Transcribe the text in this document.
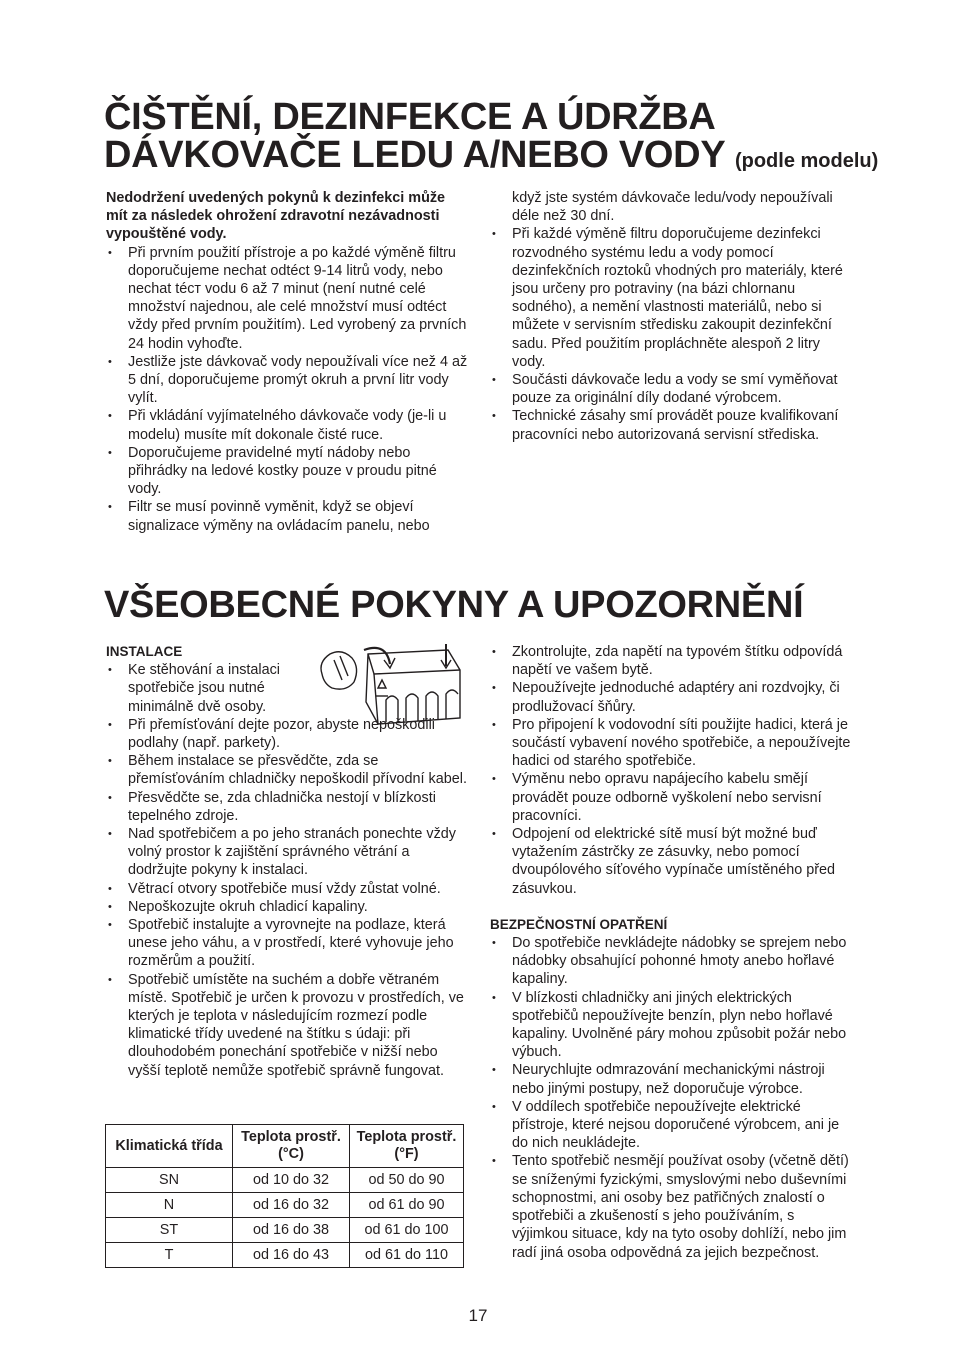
ČIŠTĚNÍ, DEZINFEKCE A ÚDRŽBA
DÁVKOVAČE LEDU A/NEBO VODY (podle modelu)

Nedodržení uvedených pokynů k dezinfekci může mít za následek ohrožení zdravotní nezávadnosti vypouštěné vody.

• Při prvním použití přístroje a po každé výměně filtru doporučujeme nechat odtéct 9-14 litrů vody, nebo nechat técт vodu 6 až 7 minut (není nutné celé množství najednou, ale celé množství musí odtéct vždy před prvním použitím). Led vyrobený za prvních 24 hodin vyhoďte.
• Jestliže jste dávkovač vody nepoužívali více než 4 až 5 dní, doporučujeme promýt okruh a první litr vody vylít.
• Při vkládání vyjímatelného dávkovače vody (je-li u modelu) musíte mít dokonale čisté ruce.
• Doporučujeme pravidelné mytí nádoby nebo přihrádky na ledové kostky pouze v proudu pitné vody.
• Filtr se musí povinně vyměnit, když se objeví signalizace výměny na ovládacím panelu, nebo

když jste systém dávkovače ledu/vody nepoužívali déle než 30 dní.

• Při každé výměně filtru doporučujeme dezinfekci rozvodného systému ledu a vody pomocí dezinfekčních roztoků vhodných pro materiály, které jsou určeny pro potraviny (na bázi chlornanu sodného), a nemění vlastnosti materiálů, nebo si můžete v servisním středisku zakoupit dezinfekční sadu. Před použitím propláchněte alespoň 2 litry vody.
• Součásti dávkovače ledu a vody se smí vyměňovat pouze za originální díly dodané výrobcem.
• Technické zásahy smí provádět pouze kvalifikovaní pracovníci nebo autorizovaná servisní střediska.
VŠEOBECNÉ POKYNY A UPOZORNĚNÍ
INSTALACE
• Ke stěhování a instalaci spotřebiče jsou nutné minimálně dvě osoby.
• Při přemísťování dejte pozor, abyste nepoškodili podlahy (např. parkety).
• Během instalace se přesvědčte, zda se přemísťováním chladničky nepoškodil přívodní kabel.
• Přesvědčte se, zda chladnička nestojí v blízkosti tepelného zdroje.
• Nad spotřebičem a po jeho stranách ponechte vždy volný prostor k zajištění správného větrání a dodržujte pokyny k instalaci.
• Větrací otvory spotřebiče musí vždy zůstat volné.
• Nepoškozujte okruh chladicí kapaliny.
• Spotřebič instalujte a vyrovnejte na podlaze, která unese jeho váhu, a v prostředí, které vyhovuje jeho rozměrům a použití.
• Spotřebič umístěte na suchém a dobře větraném místě. Spotřebič je určen k provozu v prostředích, ve kterých je teplota v následujícím rozmezí podle klimatické třídy uvedené na štítku s údaji: při dlouhodobém ponechání spotřebiče v nižší nebo vyšší teplotě nemůže spotřebič správně fungovat.
Klimatická třída	Teplota prostř. (°C)	Teplota prostř. (°F)
SN	od 10 do 32	od 50 do 90
N	od 16 do 32	od 61 do 90
ST	od 16 do 38	od 61 do 100
T	od 16 do 43	od 61 do 110
• Zkontrolujte, zda napětí na typovém štítku odpovídá napětí ve vašem bytě.
• Nepoužívejte jednoduché adaptéry ani rozdvojky, či prodlužovací šňůry.
• Pro připojení k vodovodní síti použijte hadici, která je součástí vybavení nového spotřebiče, a nepoužívejte hadici od starého spotřebiče.
• Výměnu nebo opravu napájecího kabelu smějí provádět pouze odborně vyškolení nebo servisní pracovníci.
• Odpojení od elektrické sítě musí být možné buď vytažením zástrčky ze zásuvky, nebo pomocí dvoupólového síťového vypínače umístěného před zásuvkou.
BEZPEČNOSTNÍ OPATŘENÍ
• Do spotřebiče nevkládejte nádobky se sprejem nebo nádobky obsahující pohonné hmoty anebo hořlavé kapaliny.
• V blízkosti chladničky ani jiných elektrických spotřebičů nepoužívejte benzín, plyn nebo hořlavé kapaliny. Uvolněné páry mohou způsobit požár nebo výbuch.
• Neurychlujte odmrazování mechanickými nástroji nebo jinými postupy, než doporučuje výrobce.
• V oddílech spotřebiče nepoužívejte elektrické přístroje, které nejsou doporučené výrobcem, ani je do nich neukládejte.
• Tento spotřebič nesmějí používat osoby (včetně dětí) se sníženými fyzickými, smyslovými nebo duševními schopnostmi, ani osoby bez patřičných znalostí o spotřebiči a zkušeností s jeho používáním, s výjimkou situace, kdy na tyto osoby dohlíží, nebo jim radí jiná osoba odpovědná za jejich bezpečnost.
17
